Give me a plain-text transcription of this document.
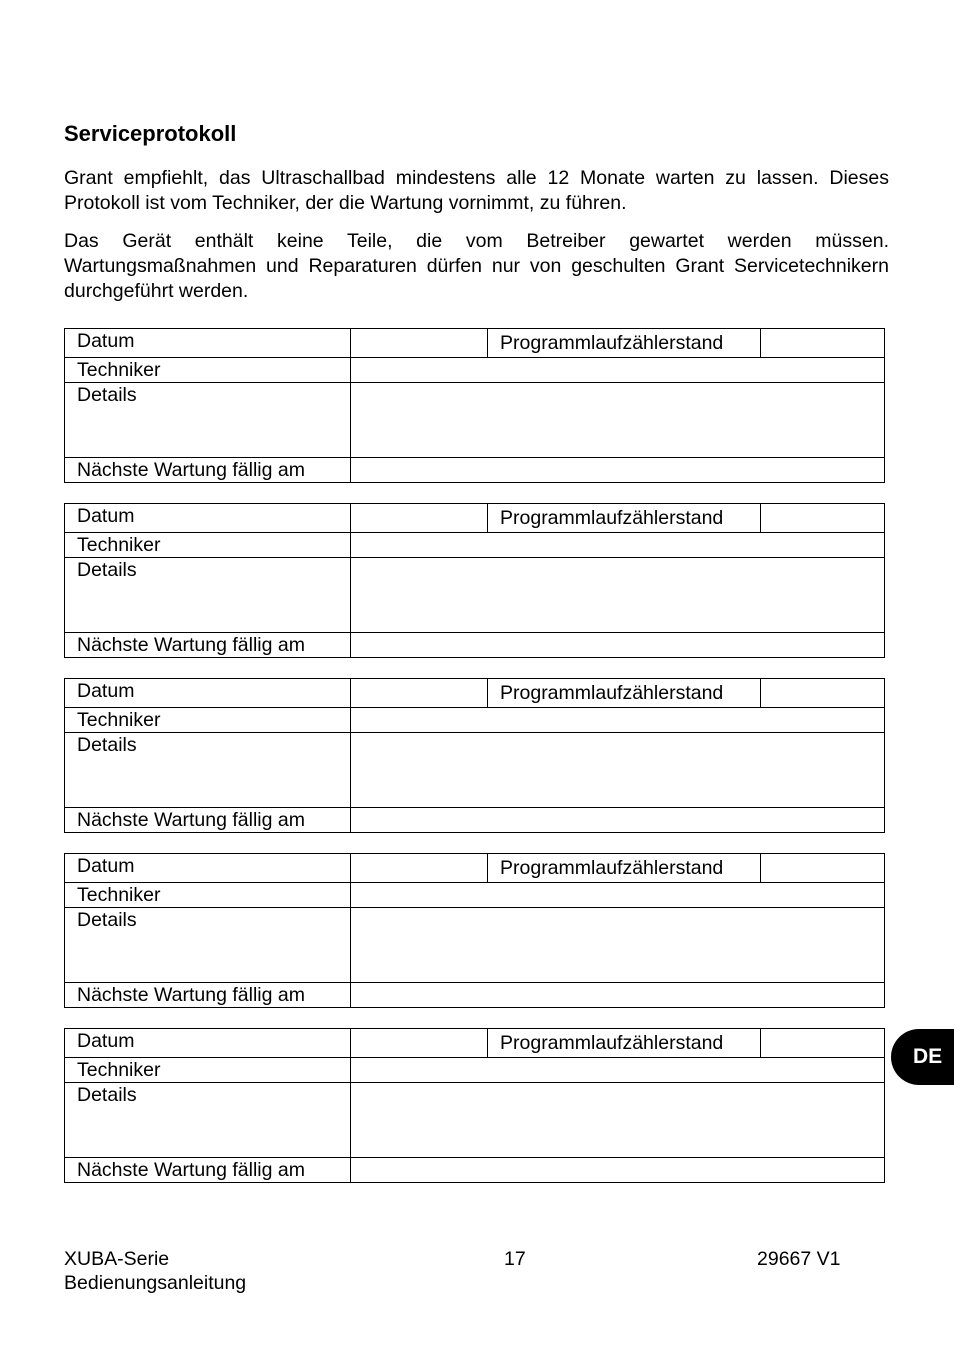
Serviceprotokoll

Grant empfiehlt, das Ultraschallbad mindestens alle 12 Monate warten zu lassen. Dieses Protokoll ist vom Techniker, der die Wartung vornimmt, zu führen.

Das Gerät enthält keine Teile, die vom Betreiber gewartet werden müssen. Wartungsmaßnahmen und Reparaturen dürfen nur von geschulten Grant Servicetechnikern durchgeführt werden.

Datum		Programmlaufzählerstand	
Techniker			
Details			
Nächste Wartung fällig am			
Datum		Programmlaufzählerstand	
Techniker			
Details			
Nächste Wartung fällig am			
Datum		Programmlaufzählerstand	
Techniker			
Details			
Nächste Wartung fällig am			
Datum		Programmlaufzählerstand	
Techniker			
Details			
Nächste Wartung fällig am			
Datum		Programmlaufzählerstand	
Techniker			
Details			
Nächste Wartung fällig am			
DE
XUBA-Serie
Bedienungsanleitung
17	29667 V1
